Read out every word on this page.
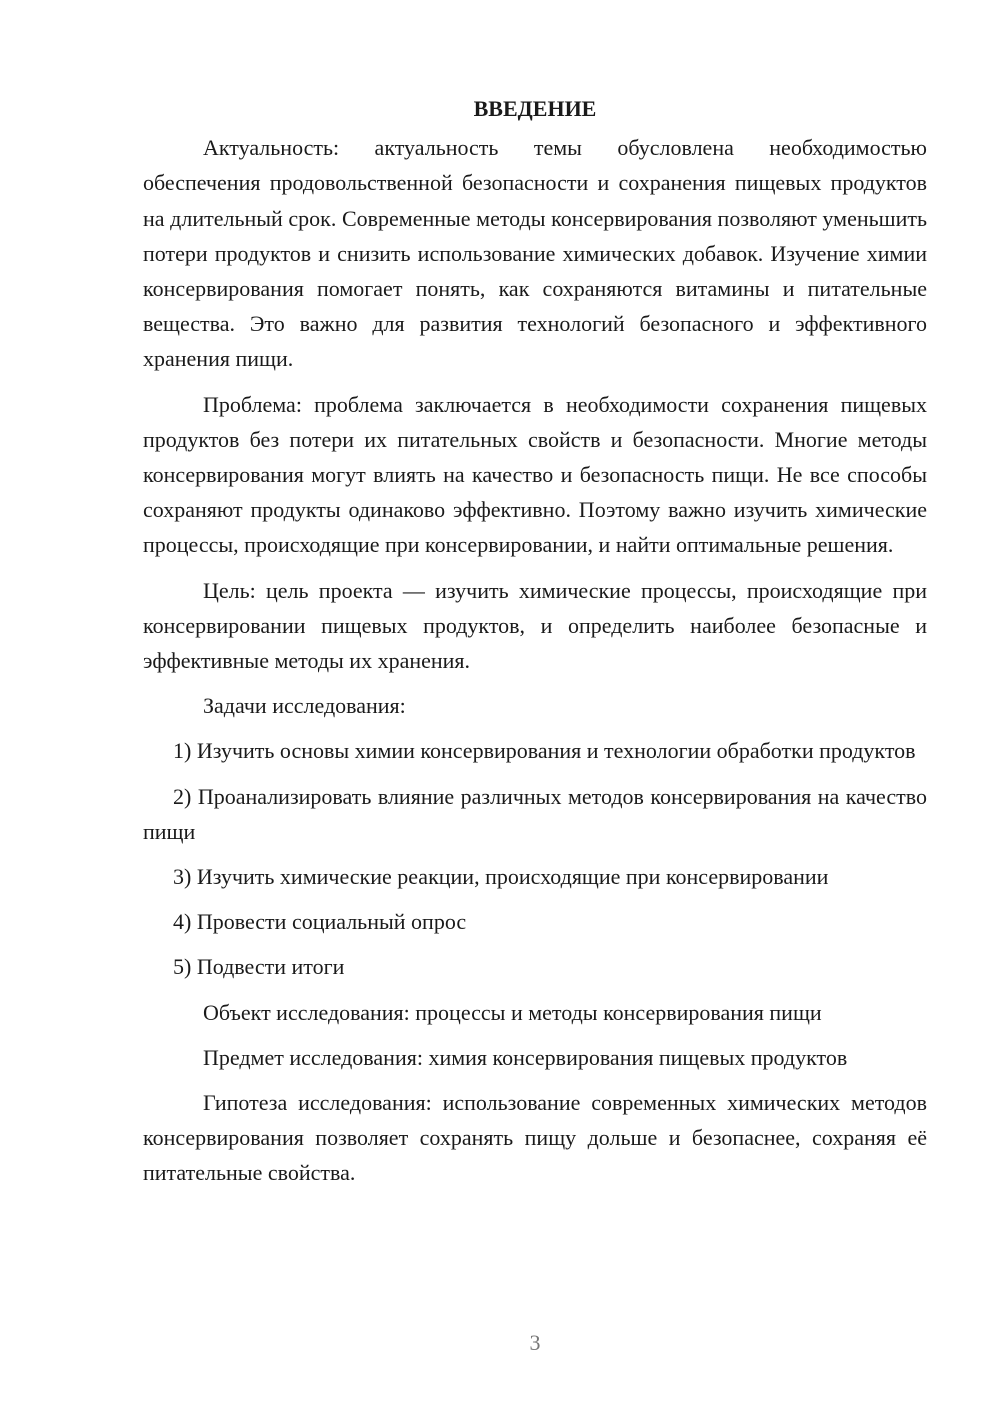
ВВЕДЕНИЕ

Актуальность: актуальность темы обусловлена необходимостью обеспечения продовольственной безопасности и сохранения пищевых продуктов на длительный срок. Современные методы консервирования позволяют уменьшить потери продуктов и снизить использование химических добавок. Изучение химии консервирования помогает понять, как сохраняются витамины и питательные вещества. Это важно для развития технологий безопасного и эффективного хранения пищи.

Проблема: проблема заключается в необходимости сохранения пищевых продуктов без потери их питательных свойств и безопасности. Многие методы консервирования могут влиять на качество и безопасность пищи. Не все способы сохраняют продукты одинаково эффективно. Поэтому важно изучить химические процессы, происходящие при консервировании, и найти оптимальные решения.

Цель: цель проекта — изучить химические процессы, происходящие при консервировании пищевых продуктов, и определить наиболее безопасные и эффективные методы их хранения.

Задачи исследования:

1) Изучить основы химии консервирования и технологии обработки продуктов

2) Проанализировать влияние различных методов консервирования на качество пищи

3) Изучить химические реакции, происходящие при консервировании

4) Провести социальный опрос

5) Подвести итоги

Объект исследования: процессы и методы консервирования пищи

Предмет исследования: химия консервирования пищевых продуктов

Гипотеза исследования: использование современных химических методов консервирования позволяет сохранять пищу дольше и безопаснее, сохраняя её питательные свойства.

3
